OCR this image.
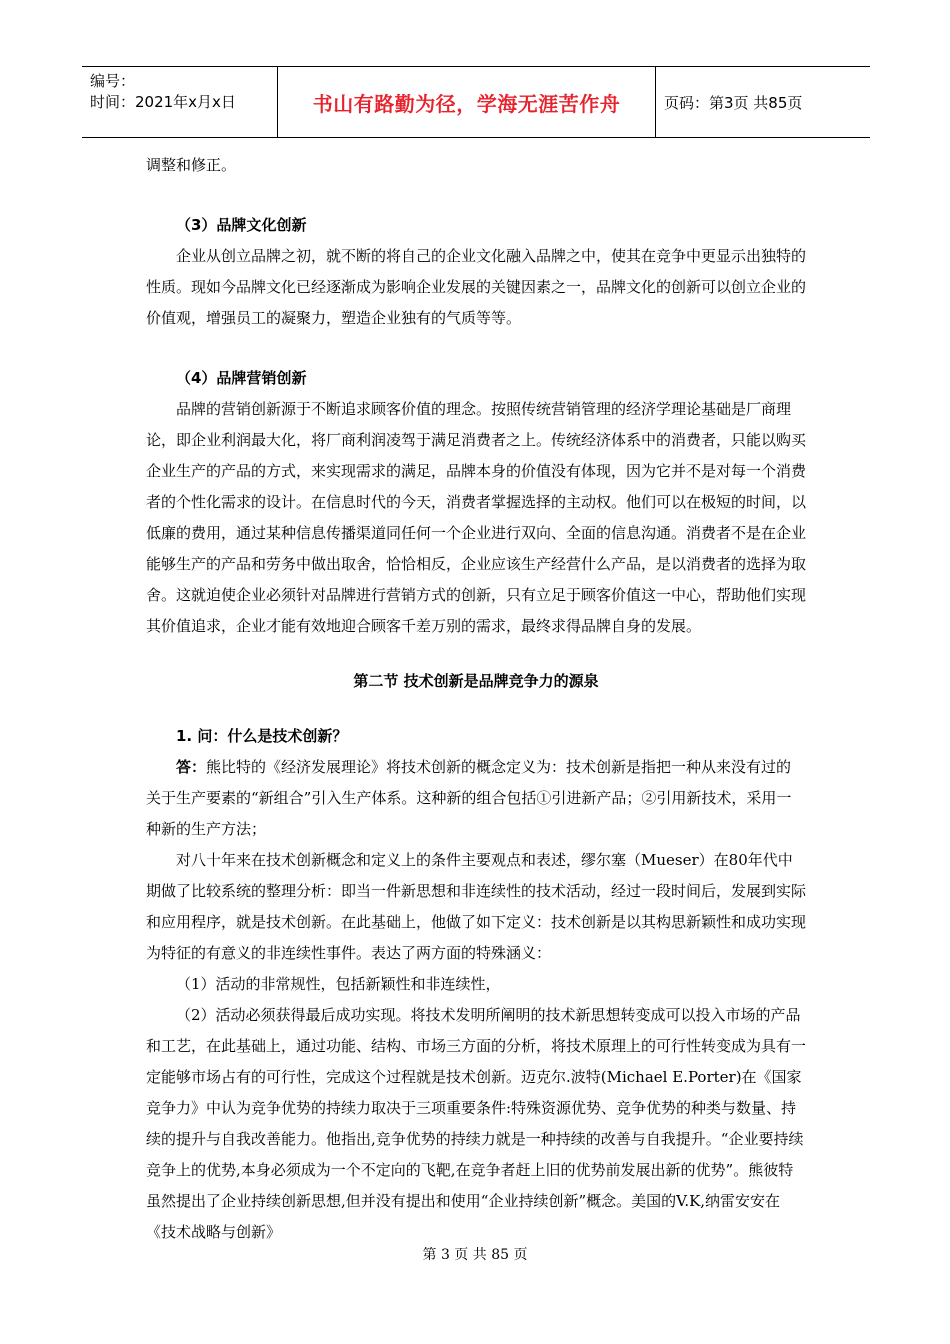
编号：
时间：2021年x月x日	书山有路勤为径，学海无涯苦作舟	页码：第3页 共85页

调整和修正。

（3）品牌文化创新

企业从创立品牌之初，就不断的将自己的企业文化融入品牌之中，使其在竞争中更显示出独特的性质。现如今品牌文化已经逐渐成为影响企业发展的关键因素之一，品牌文化的创新可以创立企业的价值观，增强员工的凝聚力，塑造企业独有的气质等等。

（4）品牌营销创新

品牌的营销创新源于不断追求顾客价值的理念。按照传统营销管理的经济学理论基础是厂商理论，即企业利润最大化，将厂商利润凌驾于满足消费者之上。传统经济体系中的消费者，只能以购买企业生产的产品的方式，来实现需求的满足，品牌本身的价值没有体现，因为它并不是对每一个消费者的个性化需求的设计。在信息时代的今天，消费者掌握选择的主动权。他们可以在极短的时间，以低廉的费用，通过某种信息传播渠道同任何一个企业进行双向、全面的信息沟通。消费者不是在企业能够生产的产品和劳务中做出取舍，恰恰相反，企业应该生产经营什么产品，是以消费者的选择为取舍。这就迫使企业必须针对品牌进行营销方式的创新，只有立足于顾客价值这一中心，帮助他们实现其价值追求，企业才能有效地迎合顾客千差万别的需求，最终求得品牌自身的发展。

第二节 技术创新是品牌竞争力的源泉

1. 问：什么是技术创新？

答：熊比特的《经济发展理论》将技术创新的概念定义为：技术创新是指把一种从来没有过的关于生产要素的“新组合”引入生产体系。这种新的组合包括①引进新产品；②引用新技术，采用一种新的生产方法；

对八十年来在技术创新概念和定义上的条件主要观点和表述，缪尔塞（Mueser）在80年代中期做了比较系统的整理分析：即当一件新思想和非连续性的技术活动，经过一段时间后，发展到实际和应用程序，就是技术创新。在此基础上，他做了如下定义：技术创新是以其构思新颖性和成功实现为特征的有意义的非连续性事件。表达了两方面的特殊涵义：

（1）活动的非常规性，包括新颖性和非连续性，

（2）活动必须获得最后成功实现。将技术发明所阐明的技术新思想转变成可以投入市场的产品和工艺，在此基础上，通过功能、结构、市场三方面的分析，将技术原理上的可行性转变成为具有一定能够市场占有的可行性，完成这个过程就是技术创新。迈克尔.波特(Michael E.Porter)在《国家竞争力》中认为竞争优势的持续力取决于三项重要条件:特殊资源优势、竞争优势的种类与数量、持续的提升与自我改善能力。他指出,竞争优势的持续力就是一种持续的改善与自我提升。“企业要持续竞争上的优势,本身必须成为一个不定向的飞靶,在竞争者赶上旧的优势前发展出新的优势”。熊彼特虽然提出了企业持续创新思想,但并没有提出和使用“企业持续创新”概念。美国的V.K,纳雷安安在《技术战略与创新》

第 3 页 共 85 页
